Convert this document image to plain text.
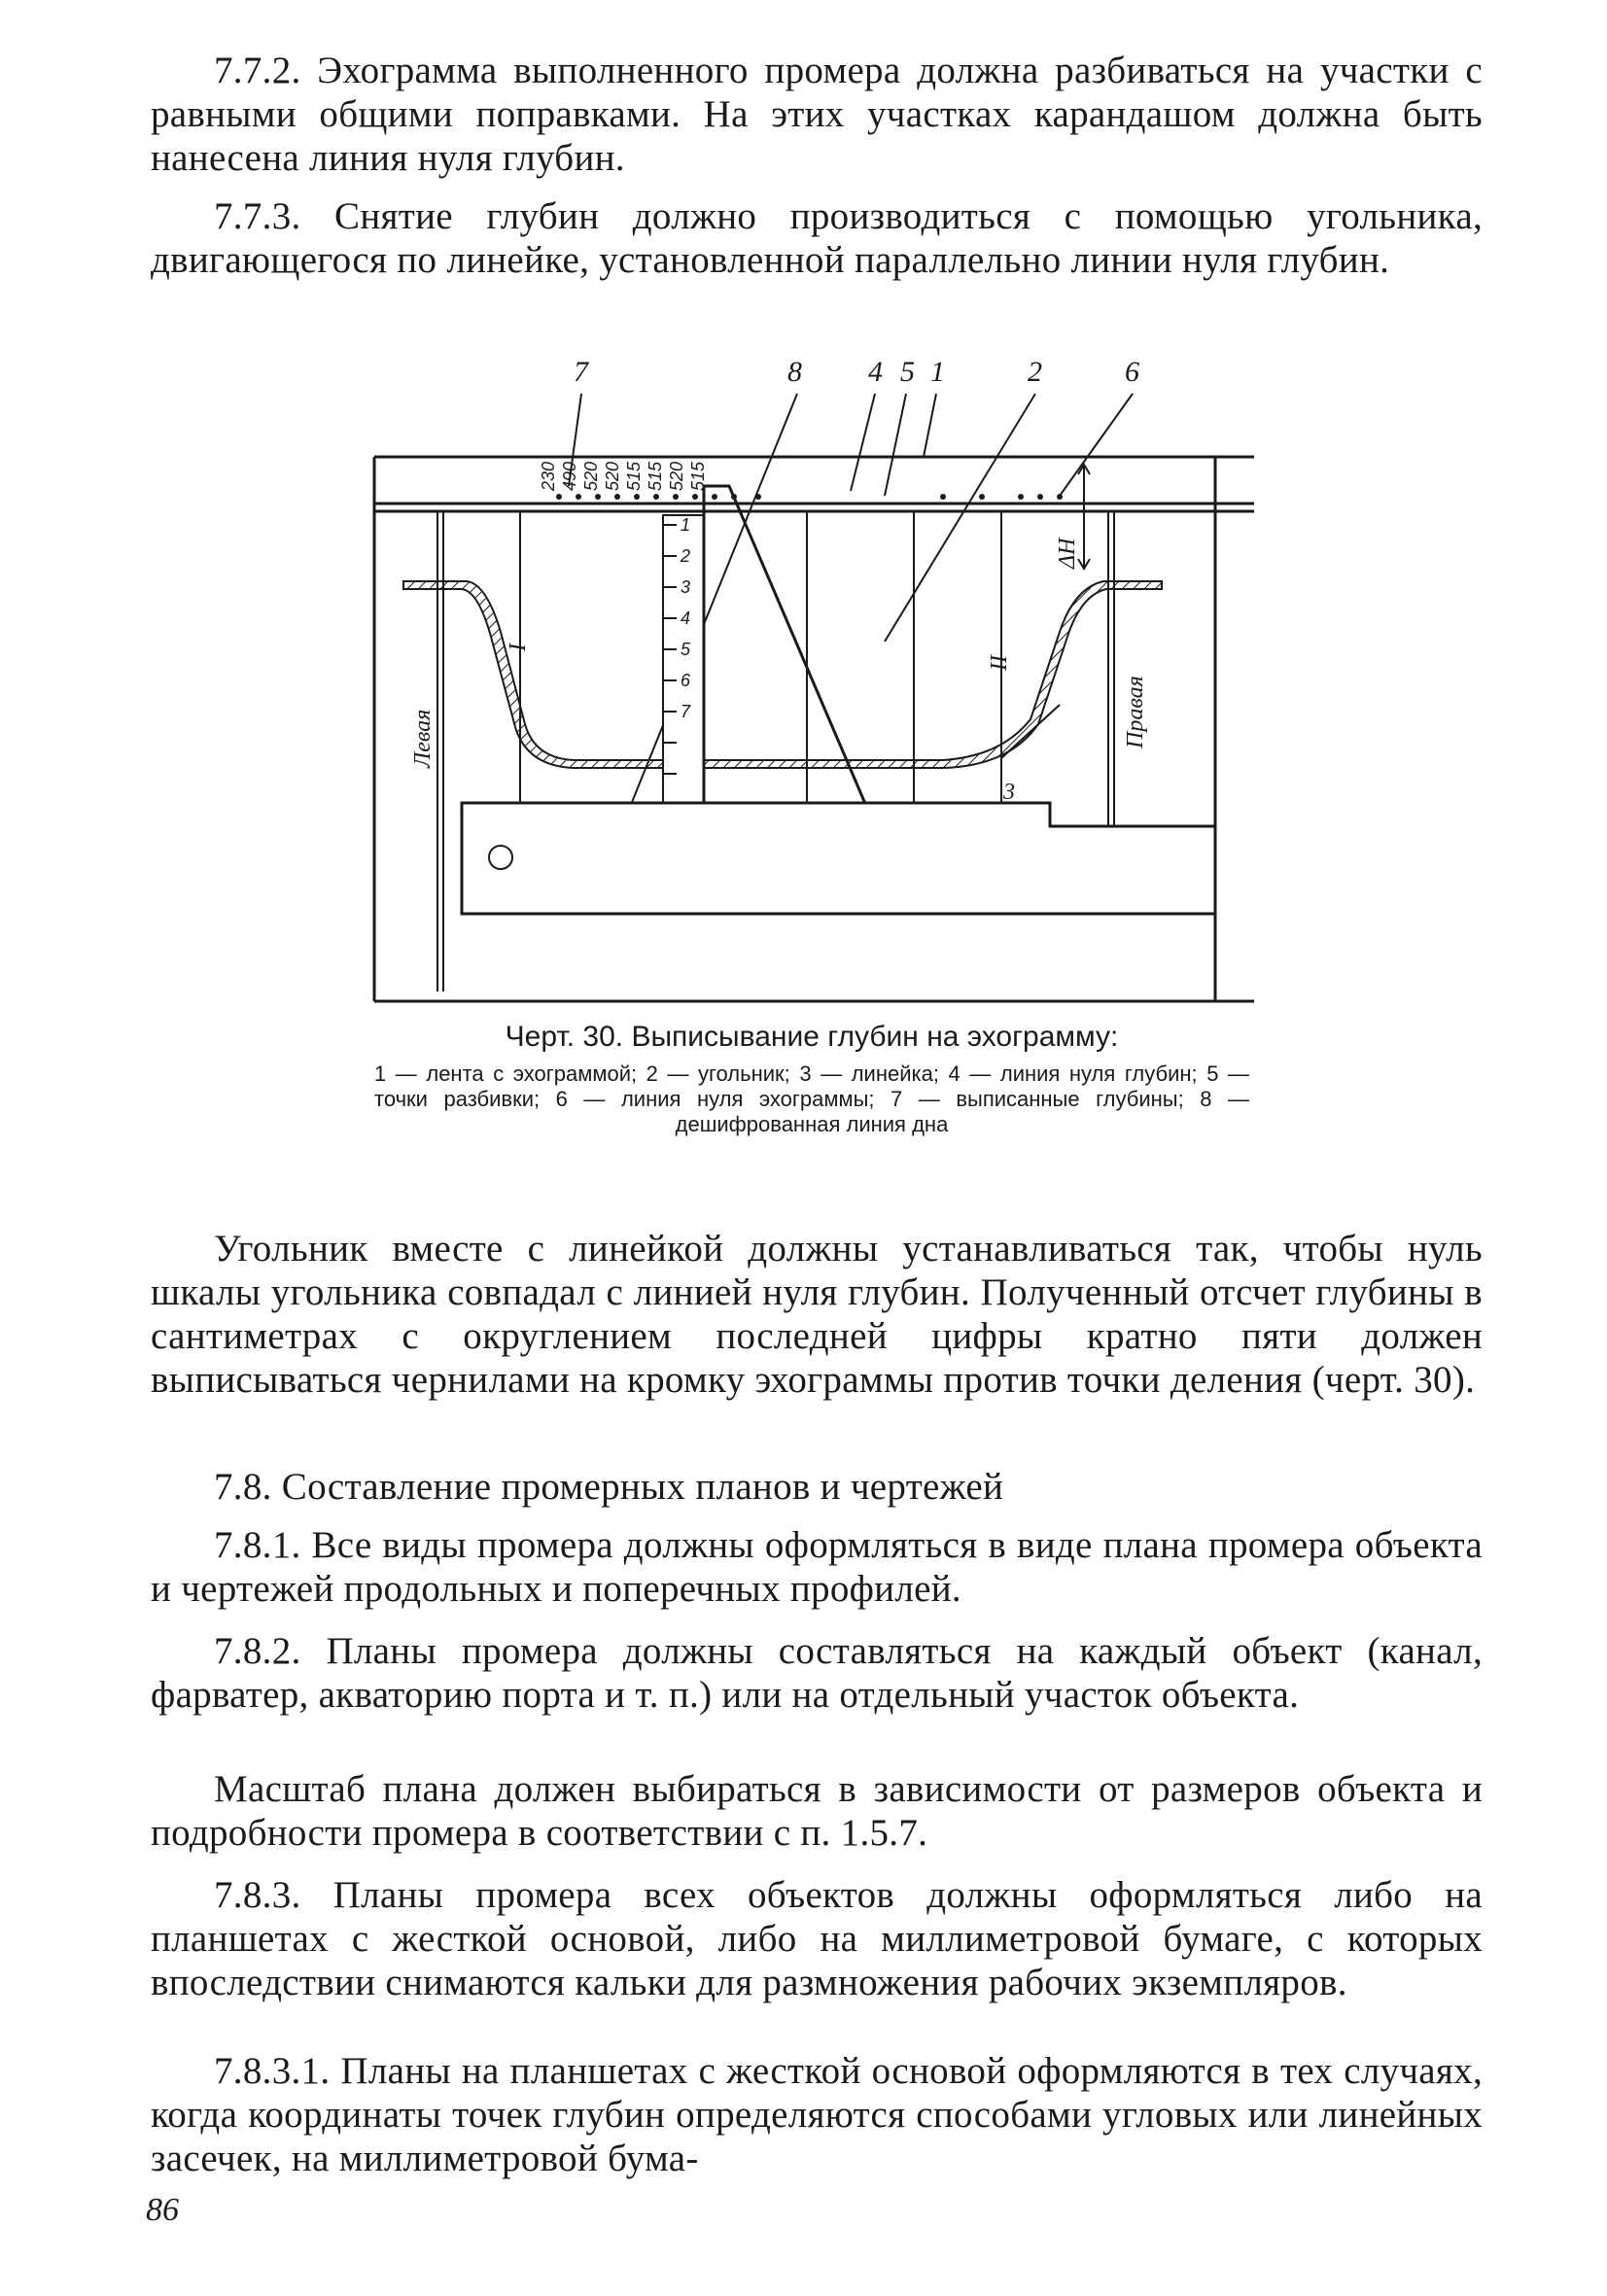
7.7.2. Эхограмма выполненного промера должна разбиваться на участки с равными общими поправками. На этих участках карандашом должна быть нанесена линия нуля глубин.

7.7.3. Снятие глубин должно производиться с помощью угольника, двигающегося по линейке, установленной параллельно линии нуля глубин.

7	8 4 5 1	2	6
230 490 520 520 515 515 520 515
ΔH
I
II
Левая	Правая
1
2
3
4
5
6
7
3

Черт. 30. Выписывание глубин на эхограмму:

1 — лента с эхограммой; 2 — угольник; 3 — линейка; 4 — линия нуля глубин; 5 — точки разбивки; 6 — линия нуля эхограммы; 7 — выписанные глубины; 8 — дешифрованная линия дна

Угольник вместе с линейкой должны устанавливаться так, чтобы нуль шкалы угольника совпадал с линией нуля глубин. Полученный отсчет глубины в сантиметрах с округлением последней цифры кратно пяти должен выписываться чернилами на кромку эхограммы против точки деления (черт. 30).

7.8. Составление промерных планов и чертежей

7.8.1. Все виды промера должны оформляться в виде плана промера объекта и чертежей продольных и поперечных профилей.

7.8.2. Планы промера должны составляться на каждый объект (канал, фарватер, акваторию порта и т. п.) или на отдельный участок объекта.

Масштаб плана должен выбираться в зависимости от размеров объекта и подробности промера в соответствии с п. 1.5.7.

7.8.3. Планы промера всех объектов должны оформляться либо на планшетах с жесткой основой, либо на миллиметровой бумаге, с которых впоследствии снимаются кальки для размножения рабочих экземпляров.

7.8.3.1. Планы на планшетах с жесткой основой оформляются в тех случаях, когда координаты точек глубин определяются способами угловых или линейных засечек, на миллиметровой бума-

86
